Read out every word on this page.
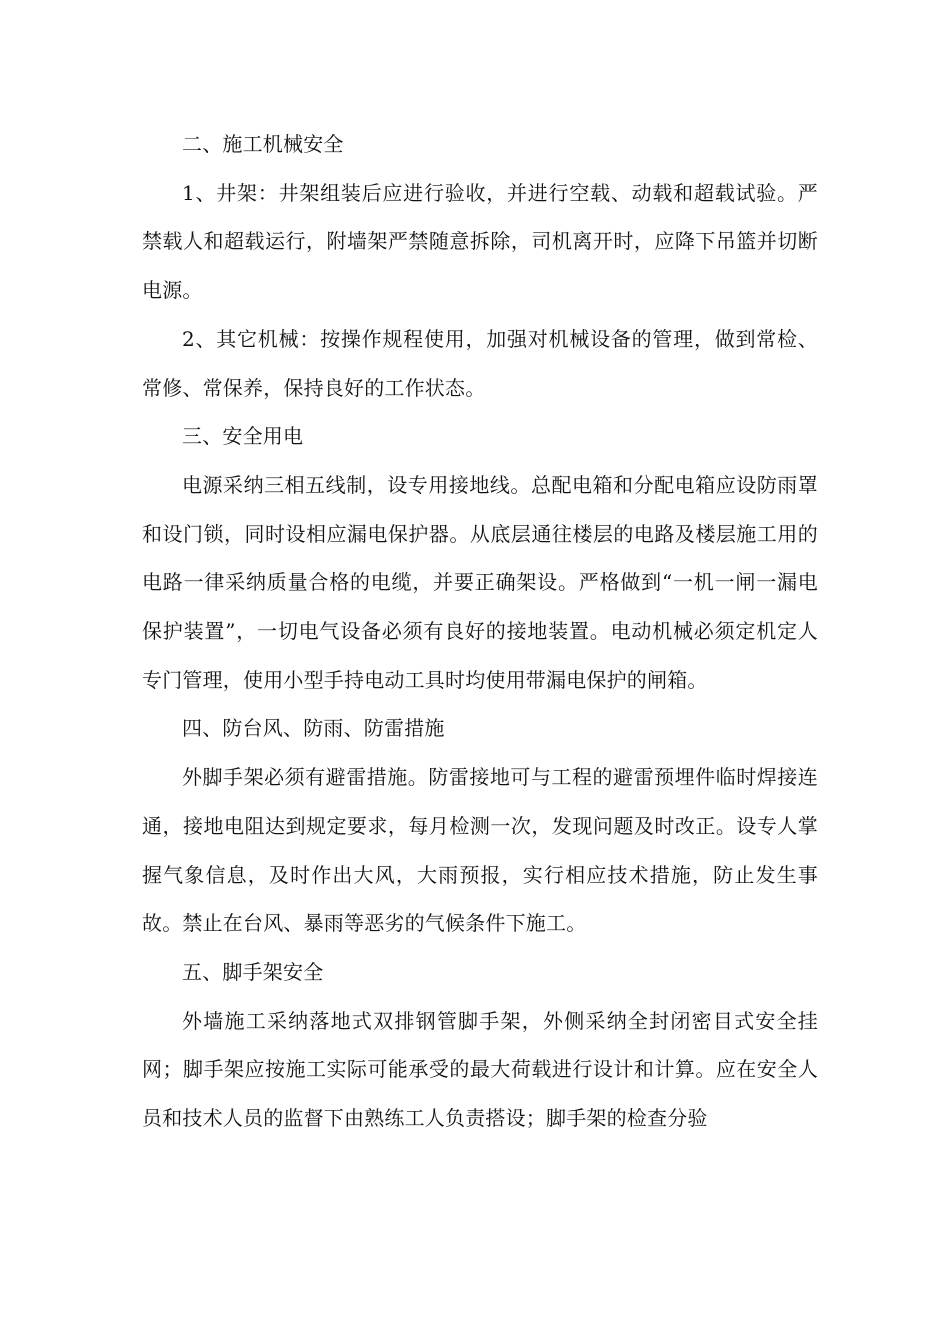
二、施工机械安全

1、井架：井架组装后应进行验收，并进行空载、动载和超载试验。严禁载人和超载运行，附墙架严禁随意拆除，司机离开时，应降下吊篮并切断电源。

2、其它机械：按操作规程使用，加强对机械设备的管理，做到常检、常修、常保养，保持良好的工作状态。

三、安全用电

电源采纳三相五线制，设专用接地线。总配电箱和分配电箱应设防雨罩和设门锁，同时设相应漏电保护器。从底层通往楼层的电路及楼层施工用的电路一律采纳质量合格的电缆，并要正确架设。严格做到“一机一闸一漏电保护装置”，一切电气设备必须有良好的接地装置。电动机械必须定机定人专门管理，使用小型手持电动工具时均使用带漏电保护的闸箱。

四、防台风、防雨、防雷措施

外脚手架必须有避雷措施。防雷接地可与工程的避雷预埋件临时焊接连通，接地电阻达到规定要求，每月检测一次，发现问题及时改正。设专人掌握气象信息，及时作出大风，大雨预报，实行相应技术措施，防止发生事故。禁止在台风、暴雨等恶劣的气候条件下施工。

五、脚手架安全

外墙施工采纳落地式双排钢管脚手架，外侧采纳全封闭密目式安全挂网；脚手架应按施工实际可能承受的最大荷载进行设计和计算。应在安全人员和技术人员的监督下由熟练工人负责搭设；脚手架的检查分验
